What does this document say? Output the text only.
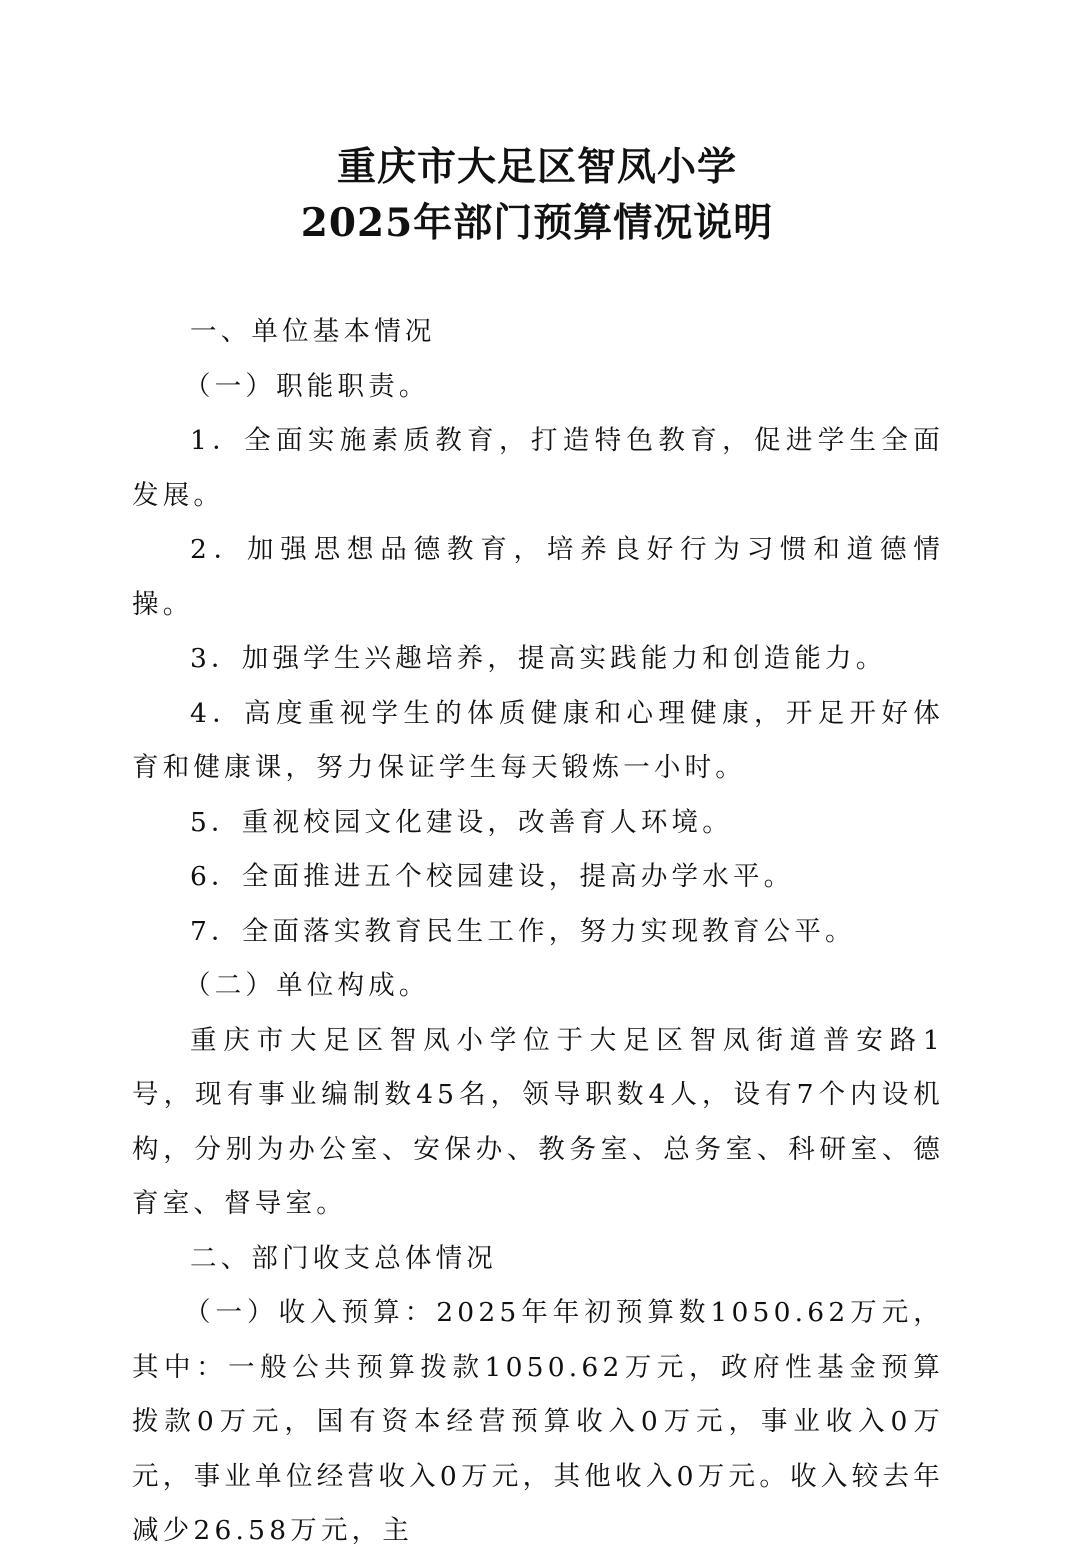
重庆市大足区智凤小学
2025年部门预算情况说明

一、单位基本情况

（一）职能职责。

1．全面实施素质教育，打造特色教育，促进学生全面发展。

2．加强思想品德教育，培养良好行为习惯和道德情操。

3．加强学生兴趣培养，提高实践能力和创造能力。

4．高度重视学生的体质健康和心理健康，开足开好体育和健康课，努力保证学生每天锻炼一小时。

5．重视校园文化建设，改善育人环境。

6．全面推进五个校园建设，提高办学水平。

7．全面落实教育民生工作，努力实现教育公平。

（二）单位构成。

重庆市大足区智凤小学位于大足区智凤街道普安路1号，现有事业编制数45名，领导职数4人，设有7个内设机构，分别为办公室、安保办、教务室、总务室、科研室、德育室、督导室。

二、部门收支总体情况

（一）收入预算：2025年年初预算数1050.62万元，其中：一般公共预算拨款1050.62万元，政府性基金预算拨款0万元，国有资本经营预算收入0万元，事业收入0万元，事业单位经营收入0万元，其他收入0万元。收入较去年减少26.58万元，主
